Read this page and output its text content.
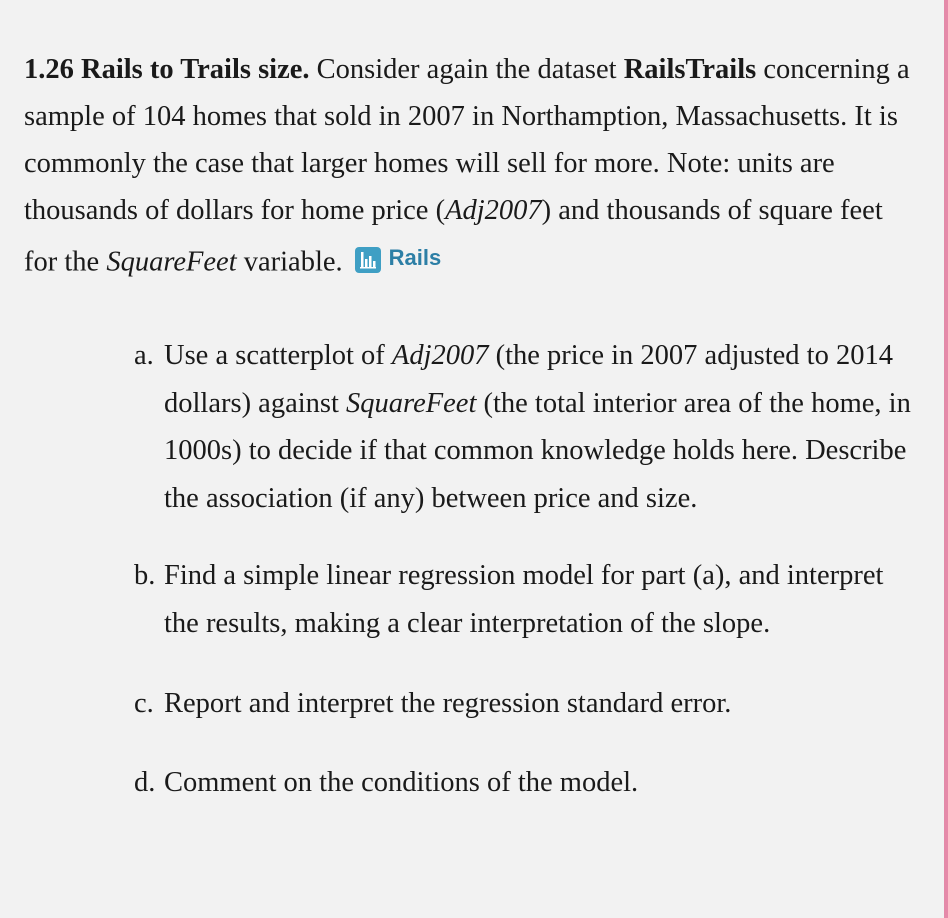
1.26 Rails to Trails size. Consider again the dataset RailsTrails concerning a sample of 104 homes that sold in 2007 in Northamption, Massachusetts. It is commonly the case that larger homes will sell for more. Note: units are thousands of dollars for home price (Adj2007) and thousands of square feet for the SquareFeet variable. Rails

a. Use a scatterplot of Adj2007 (the price in 2007 adjusted to 2014 dollars) against SquareFeet (the total interior area of the home, in 1000s) to decide if that common knowledge holds here. Describe the association (if any) between price and size.
b. Find a simple linear regression model for part (a), and interpret the results, making a clear interpretation of the slope.
c. Report and interpret the regression standard error.
d. Comment on the conditions of the model.
